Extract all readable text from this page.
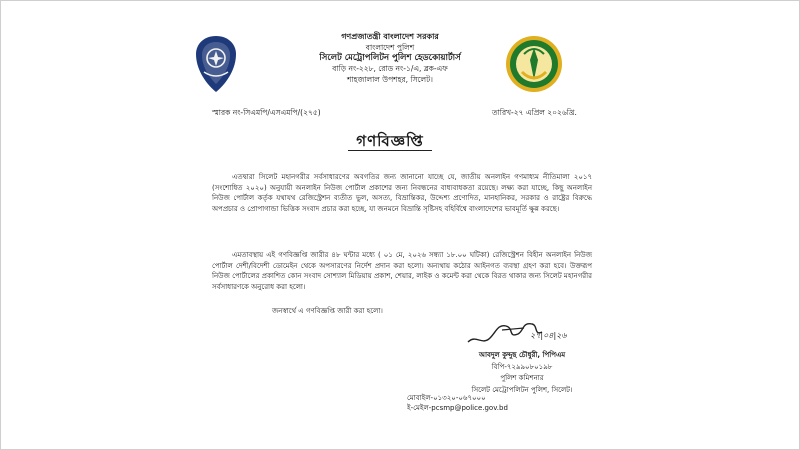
গণপ্রজাতন্ত্রী বাংলাদেশ সরকার
বাংলাদেশ পুলিশ
সিলেট মেট্রোপলিটন পুলিশ হেডকোয়ার্টার্স
বাড়ি নং-২২৮, রোড নং-১/এ, ব্লক-এফ
শাহজালাল উপশহর, সিলেট।
স্মারক নং-সিএমপি/এসএমপি/(২৭৫)	তারিখ-২৭ এপ্রিল ২০২৬খ্রি.
গণবিজ্ঞপ্তি
এতদ্বারা সিলেট মহানগরীর সর্বসাধারণের অবগতির জন্য জানানো যাচ্ছে যে, জাতীয় অনলাইন গণমাধ্যম নীতিমালা ২০১৭ (সংশোধিত ২০২০) অনুযায়ী অনলাইন নিউজ পোর্টাল প্রকাশের জন্য নিবন্ধনের বাধ্যবাধকতা রয়েছে। লক্ষ্য করা যাচ্ছে, কিছু অনলাইন নিউজ পোর্টাল কর্তৃক যথাযথ রেজিস্ট্রেশন ব্যতীত ভুল, অসত্য, বিভ্রান্তিকর, উদ্দেশ্য প্রণোদিত, মানহানিকর, সরকার ও রাষ্ট্রের বিরুদ্ধে অপপ্রচার ও প্রোপাগান্ডা ভিত্তিক সংবাদ প্রচার করা হচ্ছে, যা জনমনে বিভ্রান্তি সৃষ্টিসহ বহির্বিশ্বে বাংলাদেশের ভাবমূর্তি ক্ষুন্ন করছে।
এমতাবস্থায় এই গণবিজ্ঞপ্তি জারীর ৪৮ ঘন্টার মধ্যে ( ০১ মে, ২০২৬ সন্ধ্যা ১৮.০০ ঘটিকা) রেজিস্ট্রেশন বিহীন অনলাইন নিউজ পোর্টাল দেশী/বিদেশী ডোমেইন থেকে অপসারণের নির্দেশ প্রদান করা হলো। অন্যথায় কঠোর আইনগত ব্যবস্থা গ্রহণ করা হবে। উক্তরূপ নিউজ পোর্টালের প্রকাশিত কোন সংবাদ সোশ্যাল মিডিয়ায় প্রকাশ, শেয়ার, লাইক ও কমেন্ট করা থেকে বিরত থাকার জন্য সিলেট মহানগরীর সর্বসাধারণকে অনুরোধ করা হলো।
জনস্বার্থে এ গণবিজ্ঞপ্তি জারী করা হলো।
২৭|০৪|২৬
আবদুল কুদ্দুছ চৌধুরী, পিপিএম
বিপি-৭২৯৯০৮০১৯৮
পুলিশ কমিশনার
সিলেট মেট্রোপলিটন পুলিশ, সিলেট।
মোবাইল-০১৩২০-০৬৭০০০
ই-মেইল-pcsmp@police.gov.bd
